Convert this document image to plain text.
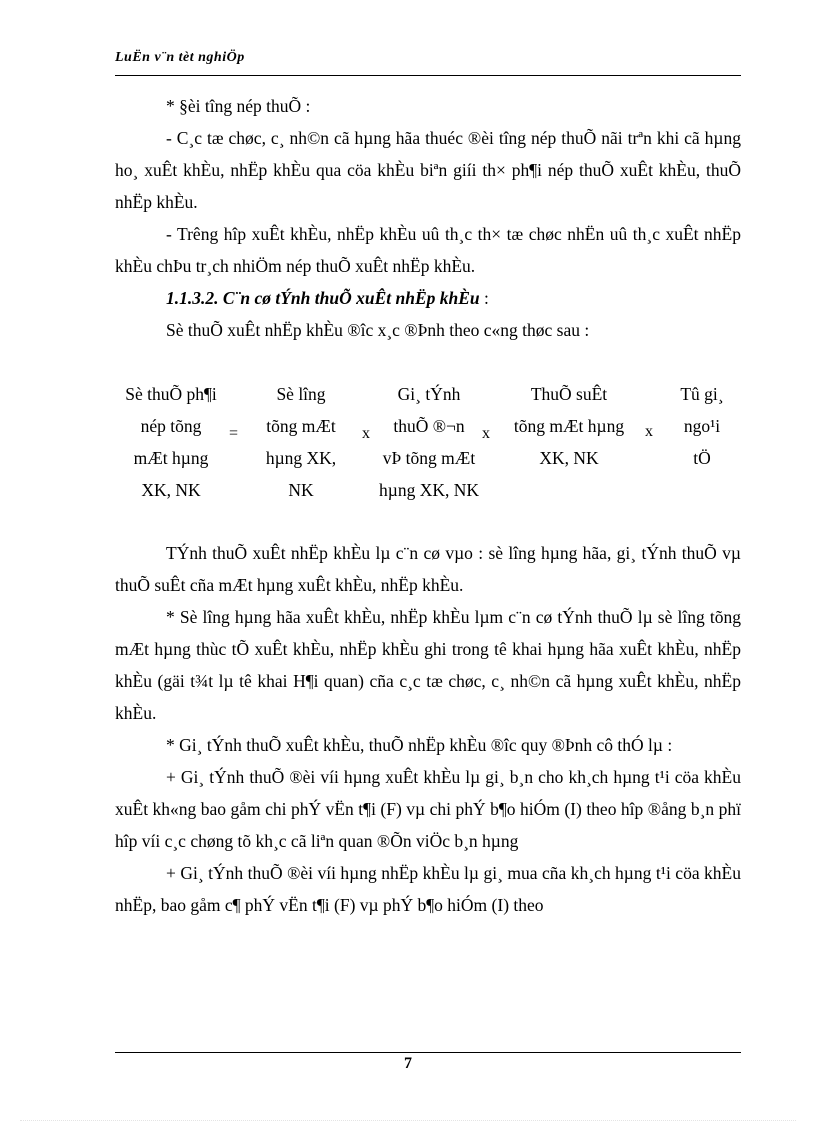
LuËn v¨n tèt nghiÖp

* §èi tîng nép thuÕ :

- C¸c tæ chøc, c¸ nh©n cã hµng hãa thuéc ®èi tîng nép thuÕ nãi trªn khi cã hµng ho¸ xuÊt khÈu, nhËp khÈu qua cöa khÈu biªn giíi th× ph¶i nép thuÕ xuÊt khÈu, thuÕ nhËp khÈu.

- Trêng hîp xuÊt khÈu, nhËp khÈu uû th¸c th× tæ chøc nhËn uû th¸c xuÊt nhËp khÈu chÞu tr¸ch nhiÖm nép thuÕ xuÊt nhËp khÈu.

1.1.3.2. C¨n cø tÝnh thuÕ xuÊt nhËp khÈu :

Sè thuÕ xuÊt nhËp khÈu ®îc x¸c ®Þnh theo c«ng thøc sau :

Sè thuÕ ph¶i
nép tõng
mÆt hµng
XK, NK
=
Sè lîng
tõng mÆt
hµng XK,
NK
x
Gi¸ tÝnh
thuÕ ®¬n
vÞ tõng mÆt
hµng XK, NK
x
ThuÕ suÊt
tõng mÆt hµng
XK, NK
x
Tû gi¸
ngo¹i
tÖ

TÝnh thuÕ xuÊt nhËp khÈu lµ c¨n cø vµo : sè lîng hµng hãa, gi¸ tÝnh thuÕ vµ thuÕ suÊt cña mÆt hµng xuÊt khÈu, nhËp khÈu.

* Sè lîng hµng hãa xuÊt khÈu, nhËp khÈu lµm c¨n cø tÝnh thuÕ lµ sè lîng tõng mÆt hµng thùc tÕ xuÊt khÈu, nhËp khÈu ghi trong tê khai hµng hãa xuÊt khÈu, nhËp khÈu (gäi t¾t lµ tê khai H¶i quan) cña c¸c tæ chøc, c¸ nh©n cã hµng xuÊt khÈu, nhËp khÈu.

* Gi¸ tÝnh thuÕ xuÊt khÈu, thuÕ nhËp khÈu ®îc quy ®Þnh cô thÓ lµ :

+ Gi¸ tÝnh thuÕ ®èi víi hµng xuÊt khÈu lµ gi¸ b¸n cho kh¸ch hµng t¹i cöa khÈu xuÊt kh«ng bao gåm chi phÝ vËn t¶i (F) vµ chi phÝ b¶o hiÓm (I) theo hîp ®ång b¸n phï hîp víi c¸c chøng tõ kh¸c cã liªn quan ®Õn viÖc b¸n hµng

+ Gi¸ tÝnh thuÕ ®èi víi hµng nhËp khÈu lµ gi¸ mua cña kh¸ch hµng t¹i cöa khÈu nhËp, bao gåm c¶ phÝ vËn t¶i (F) vµ phÝ b¶o hiÓm (I) theo

7
